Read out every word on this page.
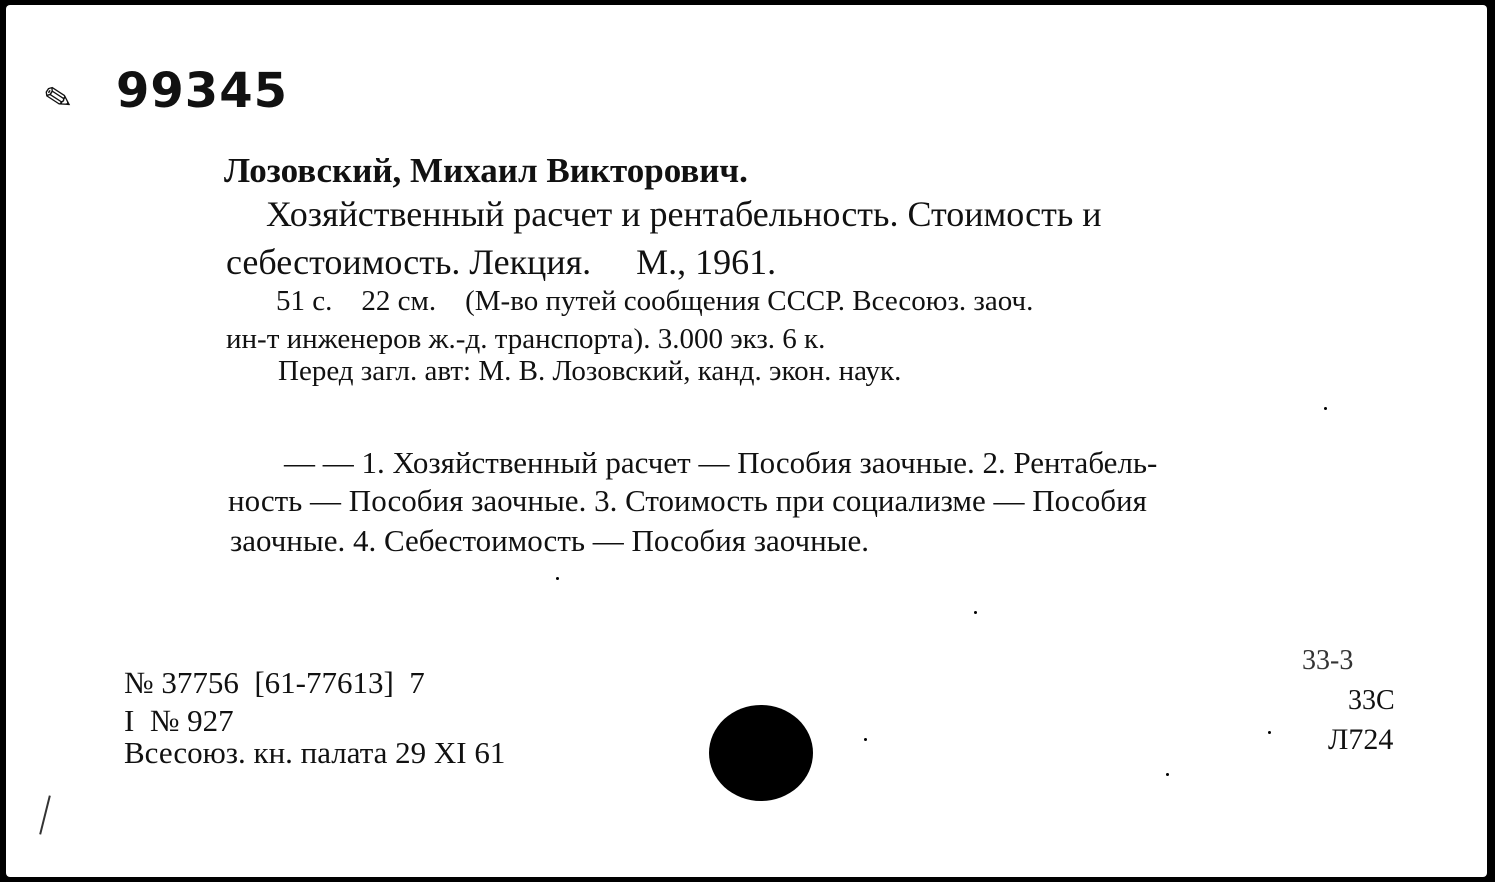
✎ 99345
Лозовский, Михаил Викторович.
Хозяйственный расчет и рентабельность. Стоимость и
себестоимость. Лекция.     М., 1961.
51 с.    22 см.    (М-во путей сообщения СССР. Всесоюз. заоч.
ин-т инженеров ж.-д. транспорта). 3.000 экз. 6 к.
Перед загл. авт: М. В. Лозовский, канд. экон. наук.
— — 1. Хозяйственный расчет — Пособия заочные. 2. Рентабель-
ность — Пособия заочные. 3. Стоимость при социализме — Пособия
заочные. 4. Себестоимость — Пособия заочные.
№ 37756  [61-77613]  7
I  № 927
Всесоюз. кн. палата 29 XI 61
33-3
33С
Л724
